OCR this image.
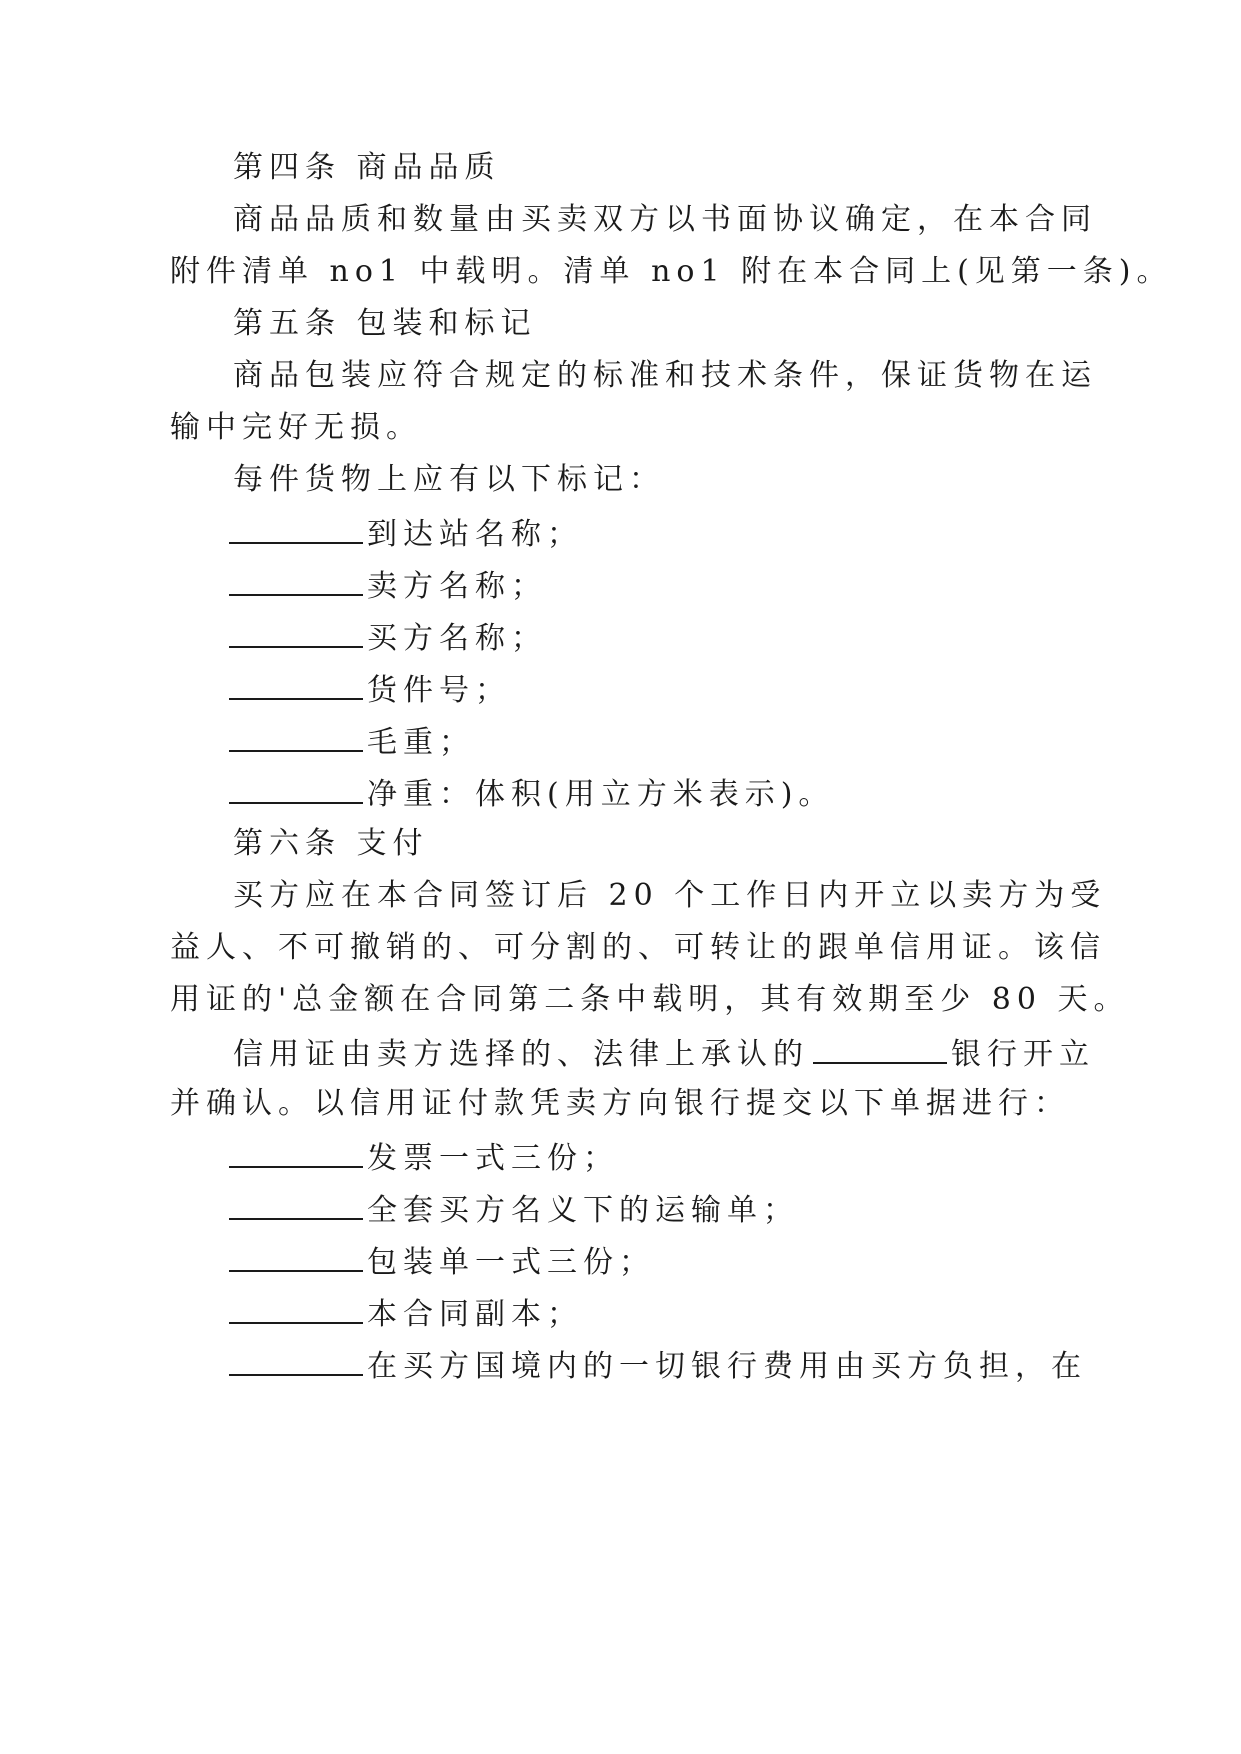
第四条 商品品质
商品品质和数量由买卖双方以书面协议确定，在本合同
附件清单 no1 中载明。清单 no1 附在本合同上(见第一条)。
第五条 包装和标记
商品包装应符合规定的标准和技术条件，保证货物在运
输中完好无损。
每件货物上应有以下标记：
到达站名称；
卖方名称；
买方名称；
货件号；
毛重；
净重：体积(用立方米表示)。
第六条 支付
买方应在本合同签订后 20 个工作日内开立以卖方为受
益人、不可撤销的、可分割的、可转让的跟单信用证。该信
用证的'总金额在合同第二条中载明，其有效期至少 80 天。
信用证由卖方选择的、法律上承认的	银行开立
并确认。以信用证付款凭卖方向银行提交以下单据进行：
发票一式三份；
全套买方名义下的运输单；
包装单一式三份；
本合同副本；
在买方国境内的一切银行费用由买方负担，在
